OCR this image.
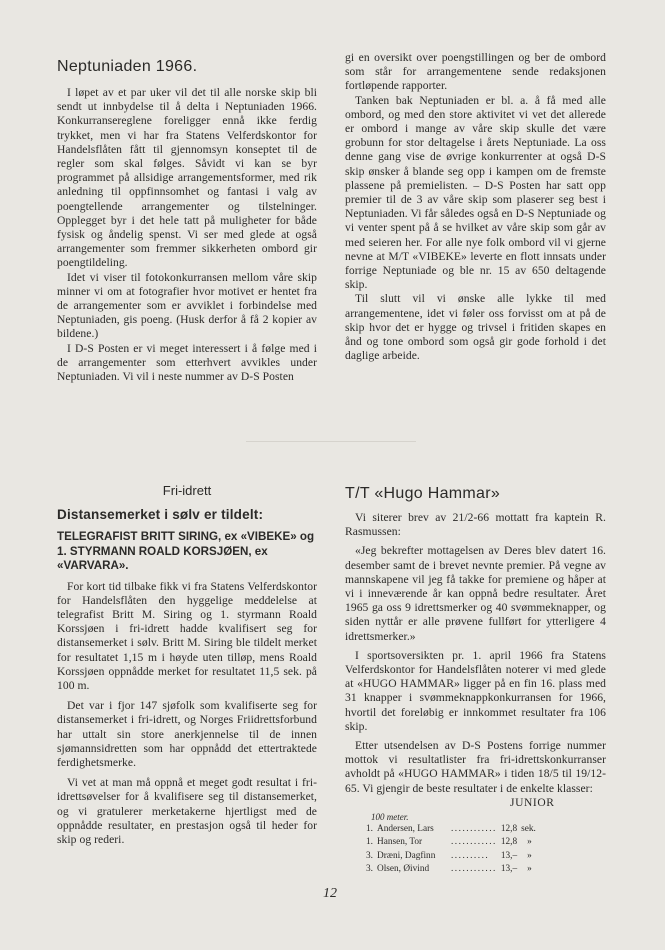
Neptuniaden 1966.

I løpet av et par uker vil det til alle norske skip bli sendt ut innbydelse til å delta i Neptuniaden 1966. Konkurransereglene foreligger ennå ikke ferdig trykket, men vi har fra Statens Velferdskontor for Handelsflåten fått til gjennomsyn konseptet til de regler som skal følges. Såvidt vi kan se byr programmet på allsidige arrangementsformer, med rik anledning til oppfinnsomhet og fantasi i valg av poengtellende arrangementer og tilstelninger. Opplegget byr i det hele tatt på muligheter for både fysisk og åndelig spenst. Vi ser med glede at også arrangementer som fremmer sikkerheten ombord gir poengtildeling.

Idet vi viser til fotokonkurransen mellom våre skip minner vi om at fotografier hvor motivet er hentet fra de arrangementer som er avviklet i forbindelse med Neptuniaden, gis poeng. (Husk derfor å få 2 kopier av bildene.)

I D-S Posten er vi meget interessert i å følge med i de arrangementer som etterhvert avvikles under Neptuniaden. Vi vil i neste nummer av D-S Posten

gi en oversikt over poengstillingen og ber de ombord som står for arrangementene sende redaksjonen fortløpende rapporter.

Tanken bak Neptuniaden er bl. a. å få med alle ombord, og med den store aktivitet vi vet det allerede er ombord i mange av våre skip skulle det være grobunn for stor deltagelse i årets Neptuniade. La oss denne gang vise de øvrige konkurrenter at også D-S skip ønsker å blande seg opp i kampen om de fremste plassene på premielisten. – D-S Posten har satt opp premier til de 3 av våre skip som plaserer seg best i Neptuniaden. Vi får således også en D-S Neptuniade og vi venter spent på å se hvilket av våre skip som går av med seieren her. For alle nye folk ombord vil vi gjerne nevne at M/T «VIBEKE» leverte en flott innsats under forrige Neptuniade og ble nr. 15 av 650 deltagende skip.

Til slutt vil vi ønske alle lykke til med arrangementene, idet vi føler oss forvisst om at på de skip hvor det er hygge og trivsel i fritiden skapes en ånd og tone ombord som også gir gode forhold i det daglige arbeide.

Fri-idrett
Distansemerket i sølv er tildelt:
TELEGRAFIST BRITT SIRING, ex «VIBEKE» og 1. STYRMANN ROALD KORSJØEN, ex «VARVARA».

For kort tid tilbake fikk vi fra Statens Velferdskontor for Handelsflåten den hyggelige meddelelse at telegrafist Britt M. Siring og 1. styrmann Roald Korssjøen i fri-idrett hadde kvalifisert seg for distansemerket i sølv. Britt M. Siring ble tildelt merket for resultatet 1,15 m i høyde uten tilløp, mens Roald Korssjøen oppnådde merket for resultatet 11,5 sek. på 100 m.

Det var i fjor 147 sjøfolk som kvalifiserte seg for distansemerket i fri-idrett, og Norges Friidrettsforbund har uttalt sin store anerkjennelse til de innen sjømannsidretten som har oppnådd det ettertraktede ferdighetsmerke.

Vi vet at man må oppnå et meget godt resultat i fri-idrettsøvelser for å kvalifisere seg til distansemerket, og vi gratulerer merketakerne hjertligst med de oppnådde resultater, en prestasjon også til heder for skip og rederi.

T/T «Hugo Hammar»

Vi siterer brev av 21/2-66 mottatt fra kaptein R. Rasmussen:

«Jeg bekrefter mottagelsen av Deres blev datert 16. desember samt de i brevet nevnte premier. På vegne av mannskapene vil jeg få takke for premiene og håper at vi i inneværende år kan oppnå bedre resultater. Året 1965 ga oss 9 idrettsmerker og 40 svømmeknapper, og siden nyttår er alle prøvene fullført for ytterligere 4 idrettsmerker.»

I sportsoversikten pr. 1. april 1966 fra Statens Velferdskontor for Handelsflåten noterer vi med glede at «HUGO HAMMAR» ligger på en fin 16. plass med 31 knapper i svømmeknappkonkurransen for 1966, hvortil det foreløbig er innkommet resultater fra 106 skip.

Etter utsendelsen av D-S Postens forrige nummer mottok vi resultatlister fra fri-idrettskonkurranser avholdt på «HUGO HAMMAR» i tiden 18/5 til 19/12-65. Vi gjengir de beste resultater i de enkelte klasser:

JUNIOR
100 meter.
1.	Andersen, Lars	............	12,8	sek.
1.	Hansen, Tor	............	12,8	»
3.	Dræni, Dagfinn	..........	13,–	»
3.	Olsen, Øivind	............	13,–	»
12
